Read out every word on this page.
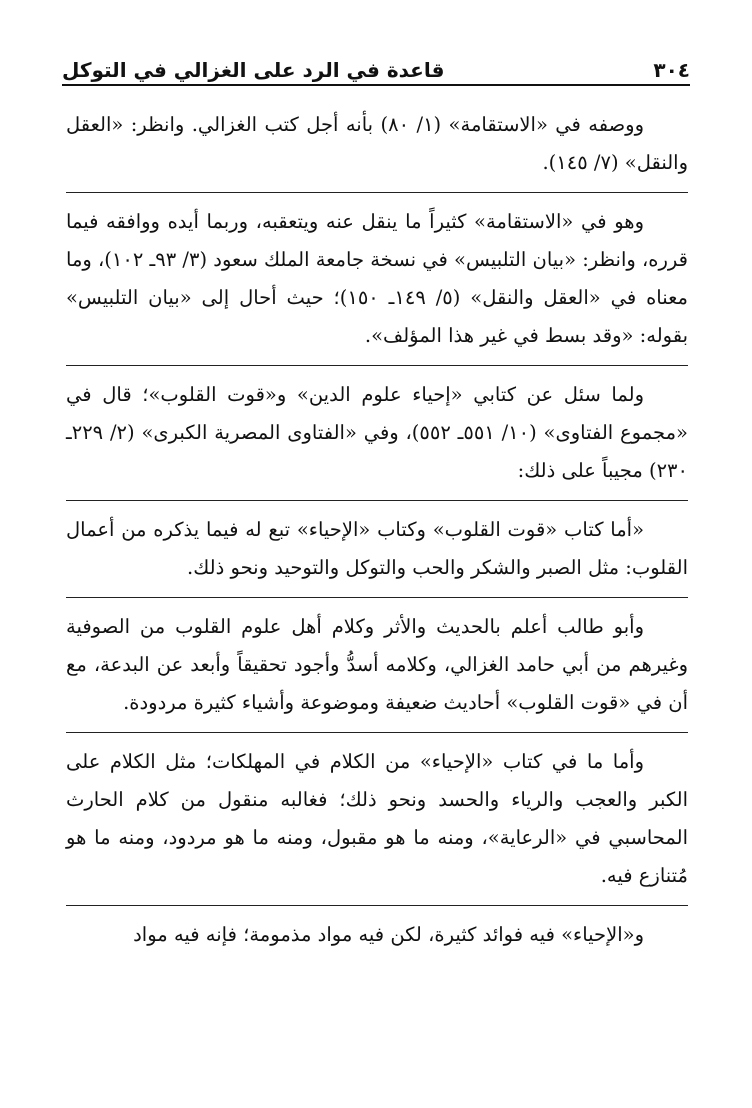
٣٠٤
قاعدة في الرد على الغزالي في التوكل

ووصفه في «الاستقامة» (١/ ٨٠) بأنه أجل كتب الغزالي. وانظر: «العقل والنقل» (٧/ ١٤٥).

وهو في «الاستقامة» كثيراً ما ينقل عنه ويتعقبه، وربما أيده ووافقه فيما قرره، وانظر: «بيان التلبيس» في نسخة جامعة الملك سعود (٣/ ٩٣ـ ١٠٢)، وما معناه في «العقل والنقل» (٥/ ١٤٩ـ ١٥٠)؛ حيث أحال إلى «بيان التلبيس» بقوله: «وقد بسط في غير هذا المؤلف».

ولما سئل عن كتابي «إحياء علوم الدين» و«قوت القلوب»؛ قال في «مجموع الفتاوى» (١٠/ ٥٥١ـ ٥٥٢)، وفي «الفتاوى المصرية الكبرى» (٢/ ٢٢٩ـ ٢٣٠) مجيباً على ذلك:

«أما كتاب «قوت القلوب» وكتاب «الإحياء» تبع له فيما يذكره من أعمال القلوب: مثل الصبر والشكر والحب والتوكل والتوحيد ونحو ذلك.

وأبو طالب أعلم بالحديث والأثر وكلام أهل علوم القلوب من الصوفية وغيرهم من أبي حامد الغزالي، وكلامه أسدُّ وأجود تحقيقاً وأبعد عن البدعة، مع أن في «قوت القلوب» أحاديث ضعيفة وموضوعة وأشياء كثيرة مردودة.

وأما ما في كتاب «الإحياء» من الكلام في المهلكات؛ مثل الكلام على الكبر والعجب والرياء والحسد ونحو ذلك؛ فغالبه منقول من كلام الحارث المحاسبي في «الرعاية»، ومنه ما هو مقبول، ومنه ما هو مردود، ومنه ما هو مُتنازع فيه.

و«الإحياء» فيه فوائد كثيرة، لكن فيه مواد مذمومة؛ فإنه فيه مواد
